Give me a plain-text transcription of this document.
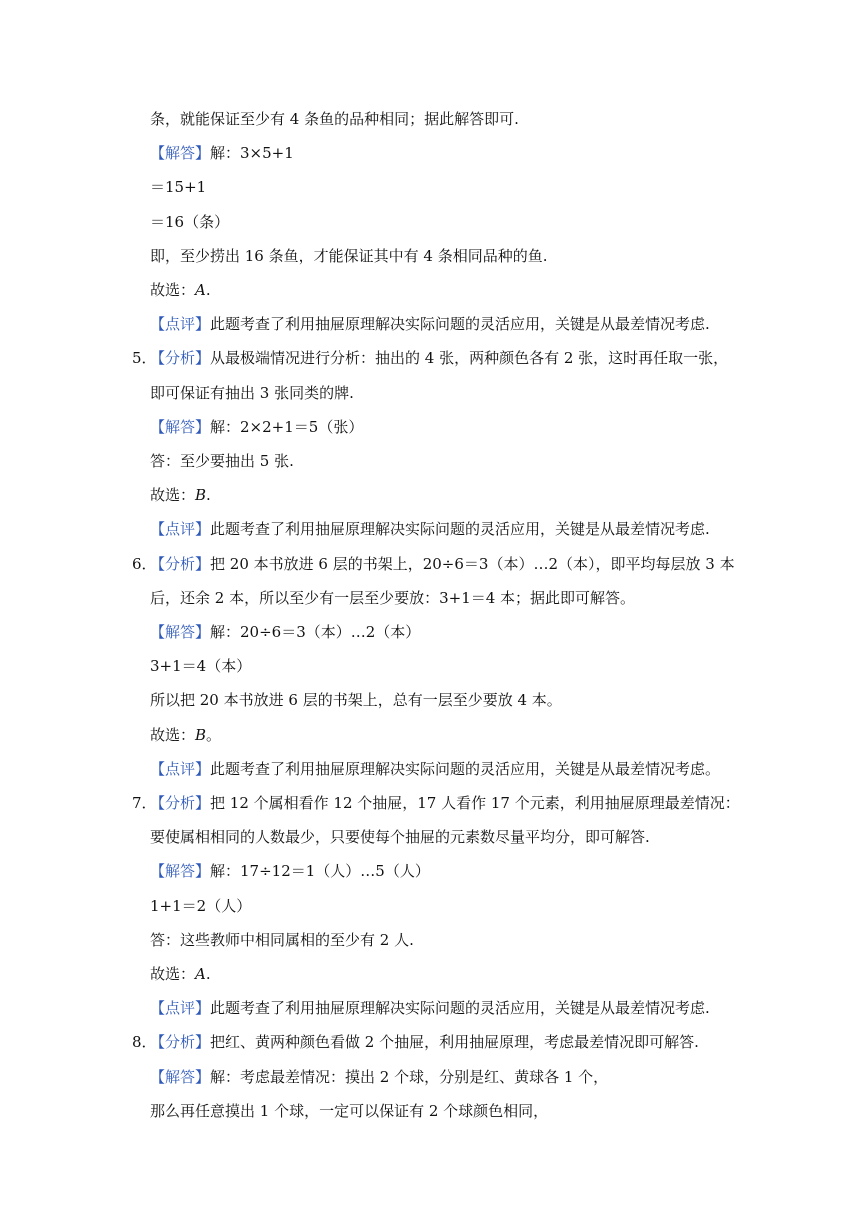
条，就能保证至少有 4 条鱼的品种相同；据此解答即可.
【解答】解：3×5+1
＝15+1
＝16（条）
即，至少捞出 16 条鱼，才能保证其中有 4 条相同品种的鱼.
故选：A.
【点评】此题考查了利用抽屉原理解决实际问题的灵活应用，关键是从最差情况考虑.
5．
【分析】从最极端情况进行分析：抽出的 4 张，两种颜色各有 2 张，这时再任取一张，
即可保证有抽出 3 张同类的牌.
【解答】解：2×2+1＝5（张）
答：至少要抽出 5 张.
故选：B.
【点评】此题考查了利用抽屉原理解决实际问题的灵活应用，关键是从最差情况考虑.
6．
【分析】把 20 本书放进 6 层的书架上，20÷6＝3（本）…2（本），即平均每层放 3 本
后，还余 2 本，所以至少有一层至少要放：3+1＝4 本；据此即可解答。
【解答】解：20÷6＝3（本）…2（本）
3+1＝4（本）
所以把 20 本书放进 6 层的书架上，总有一层至少要放 4 本。
故选：B。
【点评】此题考查了利用抽屉原理解决实际问题的灵活应用，关键是从最差情况考虑。
7．
【分析】把 12 个属相看作 12 个抽屉，17 人看作 17 个元素，利用抽屉原理最差情况：
要使属相相同的人数最少，只要使每个抽屉的元素数尽量平均分，即可解答.
【解答】解：17÷12＝1（人）…5（人）
1+1＝2（人）
答：这些教师中相同属相的至少有 2 人.
故选：A.
【点评】此题考查了利用抽屉原理解决实际问题的灵活应用，关键是从最差情况考虑.
8．
【分析】把红、黄两种颜色看做 2 个抽屉，利用抽屉原理，考虑最差情况即可解答.
【解答】解：考虑最差情况：摸出 2 个球，分别是红、黄球各 1 个，
那么再任意摸出 1 个球，一定可以保证有 2 个球颜色相同，
